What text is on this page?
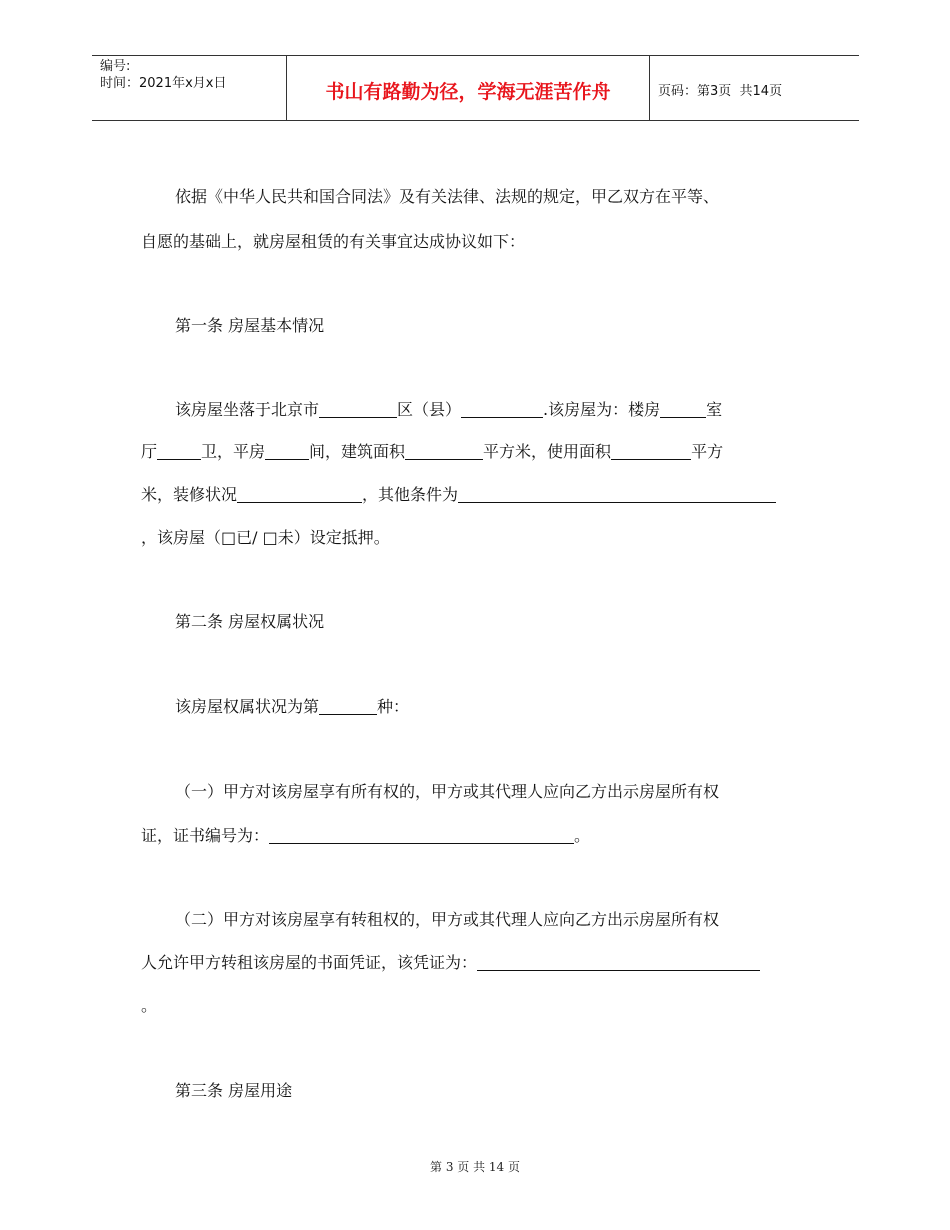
编号:
时间：2021年x月x日	书山有路勤为径，学海无涯苦作舟	页码：第3页  共14页
依据《中华人民共和国合同法》及有关法律、法规的规定，甲乙双方在平等、
自愿的基础上，就房屋租赁的有关事宜达成协议如下：
第一条 房屋基本情况
该房屋坐落于北京市	区（县）	.该房屋为：楼房	室
厅	卫，平房	间，建筑面积	平方米，使用面积	平方
米，装修状况	，其他条件为
，该房屋（□已/ □未）设定抵押。
第二条 房屋权属状况
该房屋权属状况为第	种：
（一）甲方对该房屋享有所有权的，甲方或其代理人应向乙方出示房屋所有权
证，证书编号为：	。
（二）甲方对该房屋享有转租权的，甲方或其代理人应向乙方出示房屋所有权
人允许甲方转租该房屋的书面凭证，该凭证为：
。
第三条 房屋用途
第 3 页 共 14 页
